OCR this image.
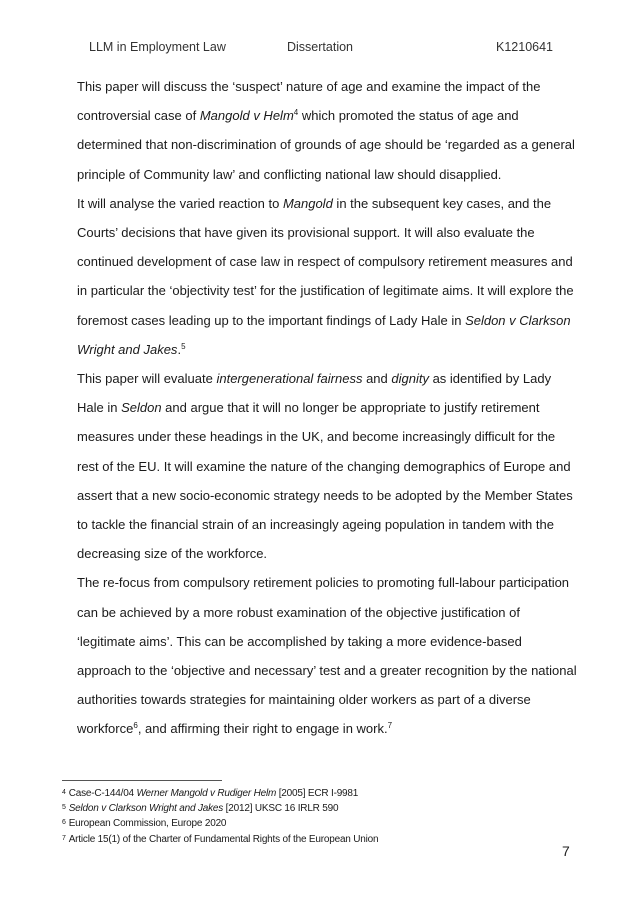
LLM in Employment Law	Dissertation	K1210641

This paper will discuss the ‘suspect’ nature of age and examine the impact of the controversial case of Mangold v Helm$^4$ which promoted the status of age and determined that non-discrimination of grounds of age should be ‘regarded as a general principle of Community law’ and conflicting national law should disapplied.

It will analyse the varied reaction to Mangold in the subsequent key cases, and the Courts’ decisions that have given its provisional support. It will also evaluate the continued development of case law in respect of compulsory retirement measures and in particular the ‘objectivity test’ for the justification of legitimate aims. It will explore the foremost cases leading up to the important findings of Lady Hale in Seldon v Clarkson Wright and Jakes.$^5$

This paper will evaluate intergenerational fairness and dignity as identified by Lady Hale in Seldon and argue that it will no longer be appropriate to justify retirement measures under these headings in the UK, and become increasingly difficult for the rest of the EU. It will examine the nature of the changing demographics of Europe and assert that a new socio-economic strategy needs to be adopted by the Member States to tackle the financial strain of an increasingly ageing population in tandem with the decreasing size of the workforce.

The re-focus from compulsory retirement policies to promoting full-labour participation can be achieved by a more robust examination of the objective justification of ‘legitimate aims’. This can be accomplished by taking a more evidence-based approach to the ‘objective and necessary’ test and a greater recognition by the national authorities towards strategies for maintaining older workers as part of a diverse workforce$^6$, and affirming their right to engage in work.$^7$

$^4$ Case-C-144/04 Werner Mangold v Rudiger Helm [2005] ECR I-9981
$^5$ Seldon v Clarkson Wright and Jakes [2012] UKSC 16 IRLR 590
$^6$ European Commission, Europe 2020
$^7$ Article 15(1) of the Charter of Fundamental Rights of the European Union
7
